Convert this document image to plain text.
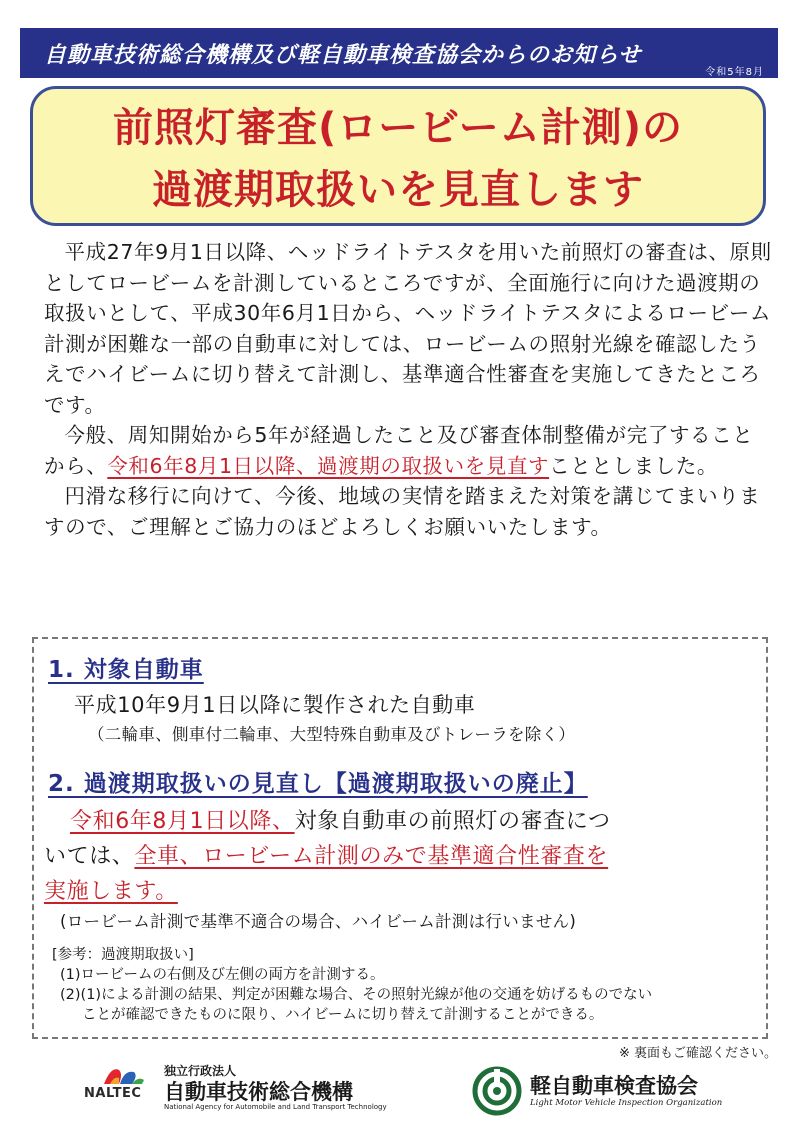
自動車技術総合機構及び軽自動車検査協会からのお知らせ
令和5年8月
前照灯審査(ロービーム計測)の
過渡期取扱いを見直します

平成27年9月1日以降、ヘッドライトテスタを用いた前照灯の審査は、原則としてロービームを計測しているところですが、全面施行に向けた過渡期の取扱いとして、平成30年6月1日から、ヘッドライトテスタによるロービーム計測が困難な一部の自動車に対しては、ロービームの照射光線を確認したうえでハイビームに切り替えて計測し、基準適合性審査を実施してきたところです。

今般、周知開始から5年が経過したこと及び審査体制整備が完了することから、令和6年8月1日以降、過渡期の取扱いを見直すこととしました。

円滑な移行に向けて、今後、地域の実情を踏まえた対策を講じてまいりますので、ご理解とご協力のほどよろしくお願いいたします。

1. 対象自動車
平成10年9月1日以降に製作された自動車
（二輪車、側車付二輪車、大型特殊自動車及びトレーラを除く）
2. 過渡期取扱いの見直し【過渡期取扱いの廃止】
令和6年8月1日以降、対象自動車の前照灯の審査につ
いては、全車、ロービーム計測のみで基準適合性審査を
実施します。
(ロービーム計測で基準不適合の場合、ハイビーム計測は行いません)
[参考：過渡期取扱い]
(1)ロービームの右側及び左側の両方を計測する。
(2)(1)による計測の結果、判定が困難な場合、その照射光線が他の交通を妨げるものでない
ことが確認できたものに限り、ハイビームに切り替えて計測することができる。
※ 裏面もご確認ください。
NALTEC
独立行政法人
自動車技術総合機構
National Agency for Automobile and Land Transport Technology
軽自動車検査協会
Light Motor Vehicle Inspection Organization
